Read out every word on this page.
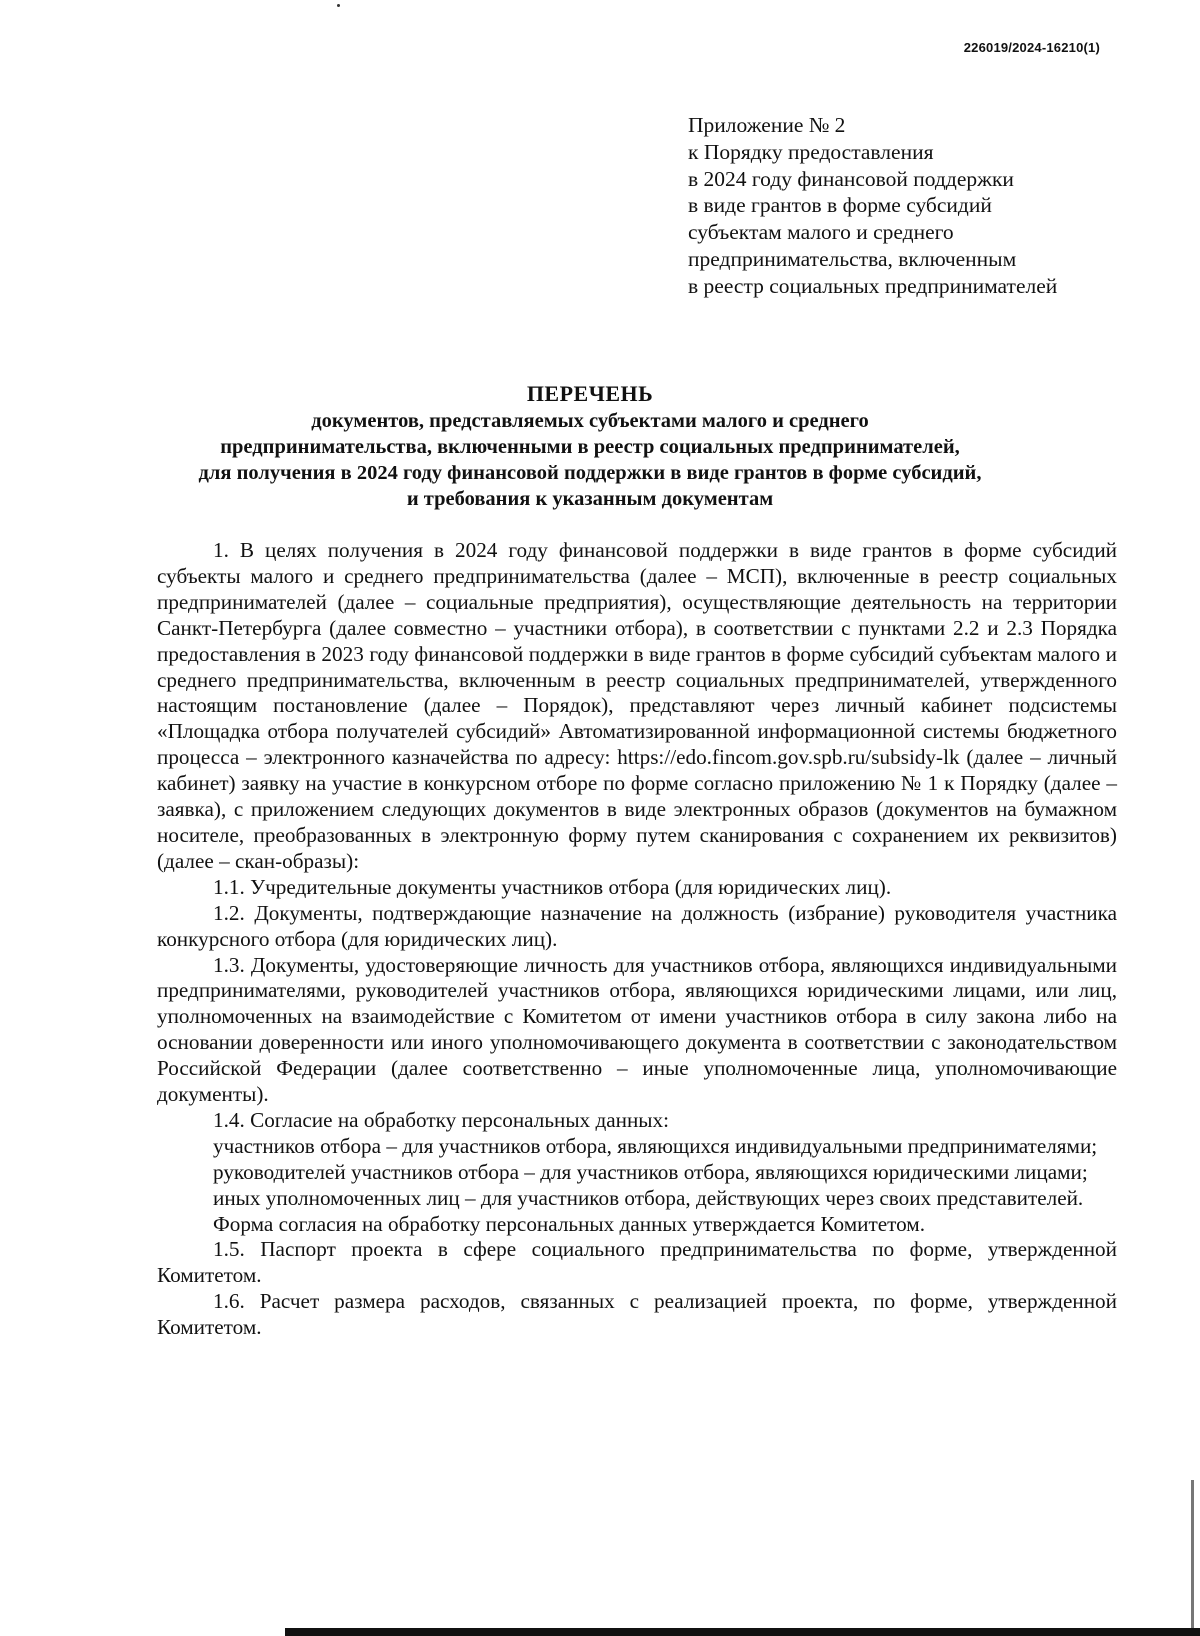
226019/2024-16210(1)
Приложение № 2
к Порядку предоставления
в 2024 году финансовой поддержки
в виде грантов в форме субсидий
субъектам малого и среднего
предпринимательства, включенным
в реестр социальных предпринимателей
ПЕРЕЧЕНЬ
документов, представляемых субъектами малого и среднего
предпринимательства, включенными в реестр социальных предпринимателей,
для получения в 2024 году финансовой поддержки в виде грантов в форме субсидий,
и требования к указанным документам

1. В целях получения в 2024 году финансовой поддержки в виде грантов в форме субсидий субъекты малого и среднего предпринимательства (далее – МСП), включенные в реестр социальных предпринимателей (далее – социальные предприятия), осуществляющие деятельность на территории Санкт-Петербурга (далее совместно – участники отбора), в соответствии с пунктами 2.2 и 2.3 Порядка предоставления в 2023 году финансовой поддержки в виде грантов в форме субсидий субъектам малого и среднего предпринимательства, включенным в реестр социальных предпринимателей, утвержденного настоящим постановление (далее – Порядок), представляют через личный кабинет подсистемы «Площадка отбора получателей субсидий» Автоматизированной информационной системы бюджетного процесса – электронного казначейства по адресу: https://edo.fincom.gov.spb.ru/subsidy-lk (далее – личный кабинет) заявку на участие в конкурсном отборе по форме согласно приложению № 1 к Порядку (далее – заявка), с приложением следующих документов в виде электронных образов (документов на бумажном носителе, преобразованных в электронную форму путем сканирования с сохранением их реквизитов) (далее – скан-образы):

1.1. Учредительные документы участников отбора (для юридических лиц).

1.2. Документы, подтверждающие назначение на должность (избрание) руководителя участника конкурсного отбора (для юридических лиц).

1.3. Документы, удостоверяющие личность для участников отбора, являющихся индивидуальными предпринимателями, руководителей участников отбора, являющихся юридическими лицами, или лиц, уполномоченных на взаимодействие с Комитетом от имени участников отбора в силу закона либо на основании доверенности или иного уполномочивающего документа в соответствии с законодательством Российской Федерации (далее соответственно – иные уполномоченные лица, уполномочивающие документы).

1.4. Согласие на обработку персональных данных:

участников отбора – для участников отбора, являющихся индивидуальными предпринимателями;

руководителей участников отбора – для участников отбора, являющихся юридическими лицами;

иных уполномоченных лиц – для участников отбора, действующих через своих представителей.

Форма согласия на обработку персональных данных утверждается Комитетом.

1.5. Паспорт проекта в сфере социального предпринимательства по форме, утвержденной Комитетом.

1.6. Расчет размера расходов, связанных с реализацией проекта, по форме, утвержденной Комитетом.
